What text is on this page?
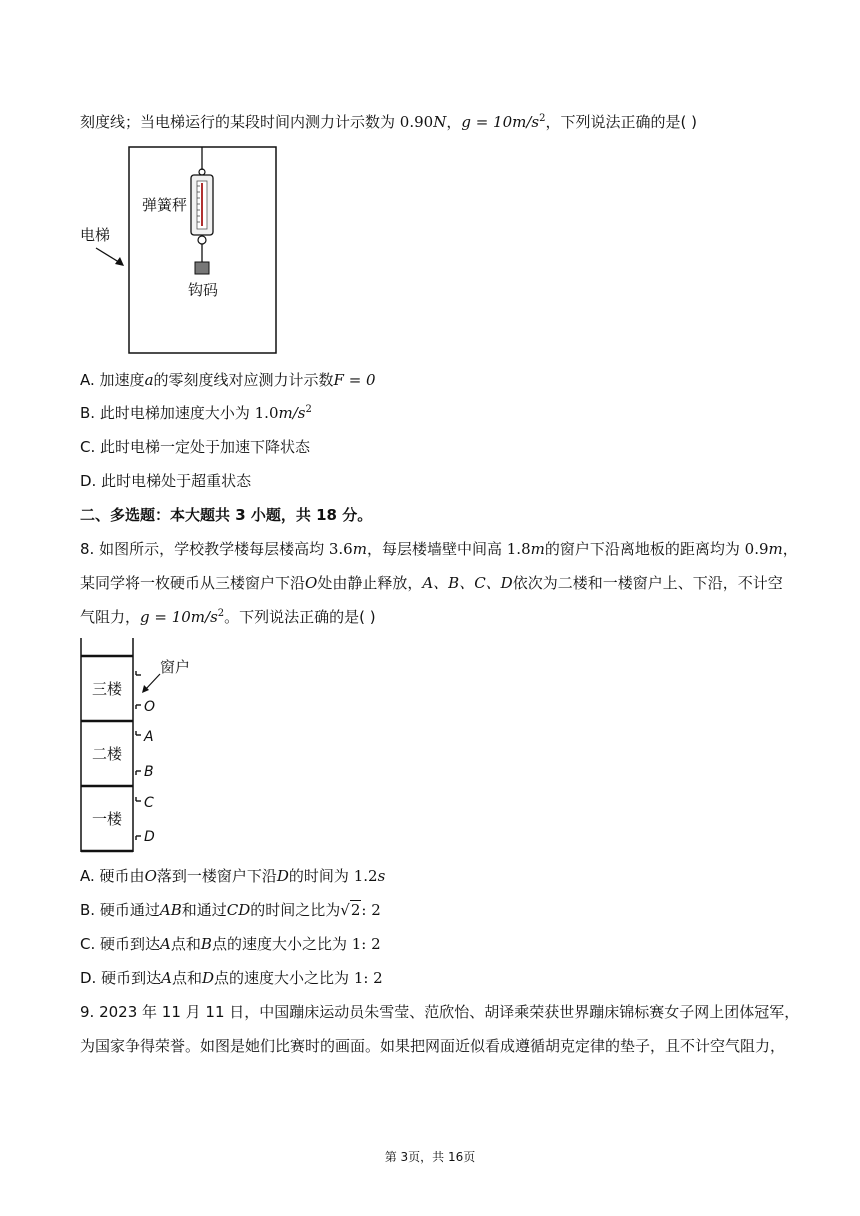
刻度线；当电梯运行的某段时间内测力计示数为 0.90N，$g = 10m/s^2$，下列说法正确的是( )
电梯
弹簧秤
钩码
A. 加速度a的零刻度线对应测力计示数F = 0
B. 此时电梯加速度大小为 $1.0m/s^2$
C. 此时电梯一定处于加速下降状态
D. 此时电梯处于超重状态
二、多选题：本大题共 3 小题，共 18 分。
8. 如图所示，学校教学楼每层楼高均 3.6m，每层楼墙壁中间高 1.8m的窗户下沿离地板的距离均为 0.9m，
某同学将一枚硬币从三楼窗户下沿O处由静止释放，A、B、C、D依次为二楼和一楼窗户上、下沿，不计空
气阻力，$g = 10m/s^2$。下列说法正确的是( )
三楼
二楼
一楼
窗户
O
A
B
C
D
A. 硬币由O落到一楼窗户下沿D的时间为 1.2s
B. 硬币通过AB和通过CD的时间之比为√2: 2
C. 硬币到达A点和B点的速度大小之比为 1: 2
D. 硬币到达A点和D点的速度大小之比为 1: 2
9. 2023 年 11 月 11 日，中国蹦床运动员朱雪莹、范欣怡、胡译乘荣获世界蹦床锦标赛女子网上团体冠军，
为国家争得荣誉。如图是她们比赛时的画面。如果把网面近似看成遵循胡克定律的垫子，且不计空气阻力，
第 3页，共 16页
